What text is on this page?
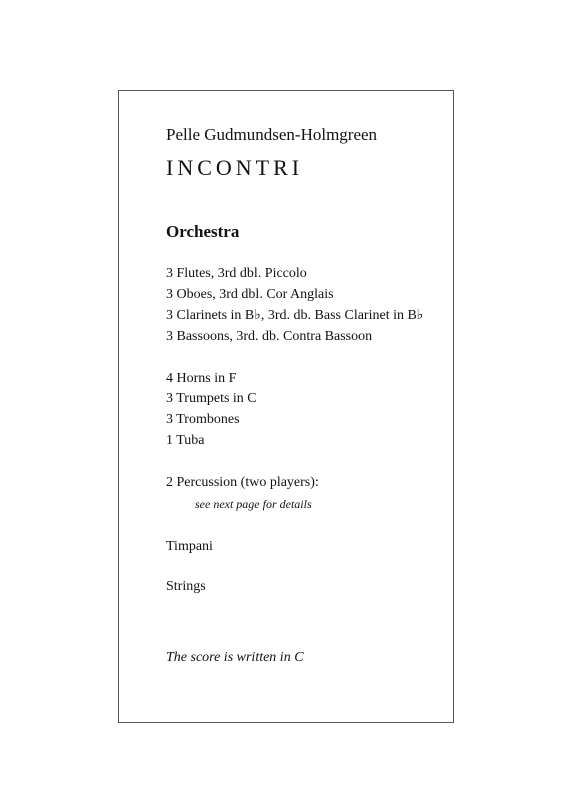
Pelle Gudmundsen-Holmgreen
INCONTRI
Orchestra
3 Flutes, 3rd dbl. Piccolo
3 Oboes, 3rd dbl. Cor Anglais
3 Clarinets in B♭, 3rd. db. Bass Clarinet in B♭
3 Bassoons, 3rd. db. Contra Bassoon
4 Horns in F
3 Trumpets in C
3 Trombones
1 Tuba
2 Percussion (two players):
see next page for details
Timpani
Strings
The score is written in C
